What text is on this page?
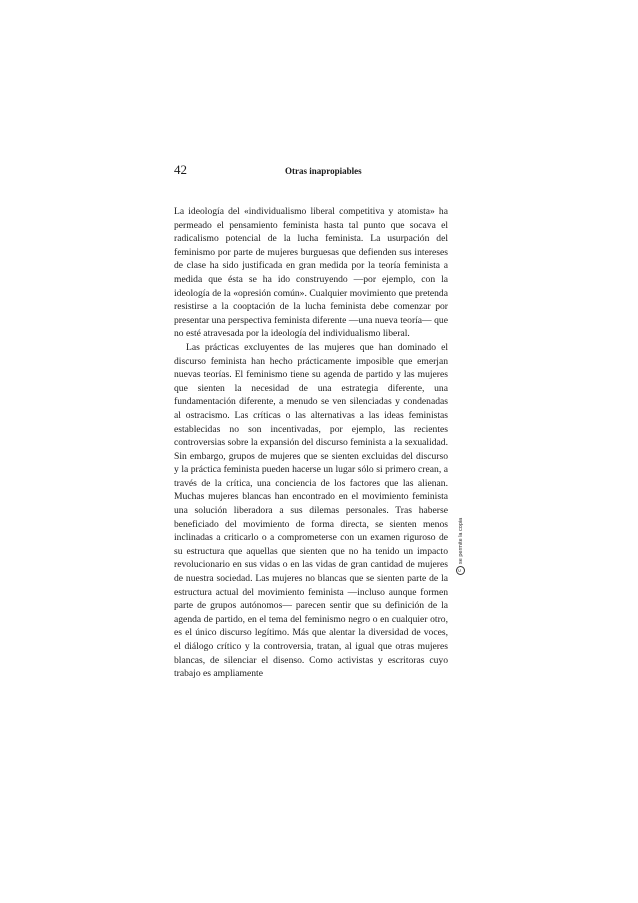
42	Otras inapropiables

La ideología del «individualismo liberal competitiva y atomista» ha permeado el pensamiento feminista hasta tal punto que socava el radicalismo potencial de la lucha feminista. La usurpación del feminismo por parte de mujeres burguesas que defienden sus intereses de clase ha sido justificada en gran medida por la teoría feminista a medida que ésta se ha ido construyendo —por ejemplo, con la ideología de la «opresión común». Cualquier movimiento que pretenda resistirse a la cooptación de la lucha feminista debe comenzar por presentar una perspectiva feminista diferente —una nueva teoría— que no esté atravesada por la ideología del individualismo liberal.

Las prácticas excluyentes de las mujeres que han dominado el discurso feminista han hecho prácticamente imposible que emerjan nuevas teorías. El feminismo tiene su agenda de partido y las mujeres que sienten la necesidad de una estrategia diferente, una fundamentación diferente, a menudo se ven silenciadas y condenadas al ostracismo. Las críticas o las alternativas a las ideas feministas establecidas no son incentivadas, por ejemplo, las recientes controversias sobre la expansión del discurso feminista a la sexualidad. Sin embargo, grupos de mujeres que se sienten excluidas del discurso y la práctica feminista pueden hacerse un lugar sólo si primero crean, a través de la crítica, una conciencia de los factores que las alienan. Muchas mujeres blancas han encontrado en el movimiento feminista una solución liberadora a sus dilemas personales. Tras haberse beneficiado del movimiento de forma directa, se sienten menos inclinadas a criticarlo o a comprometerse con un examen riguroso de su estructura que aquellas que sienten que no ha tenido un impacto revolucionario en sus vidas o en las vidas de gran cantidad de mujeres de nuestra sociedad. Las mujeres no blancas que se sienten parte de la estructura actual del movimiento feminista —incluso aunque formen parte de grupos autónomos— parecen sentir que su definición de la agenda de partido, en el tema del feminismo negro o en cualquier otro, es el único discurso legítimo. Más que alentar la diversidad de voces, el diálogo crítico y la controversia, tratan, al igual que otras mujeres blancas, de silenciar el disenso. Como activistas y escritoras cuyo trabajo es ampliamente

c
se permite la copia
